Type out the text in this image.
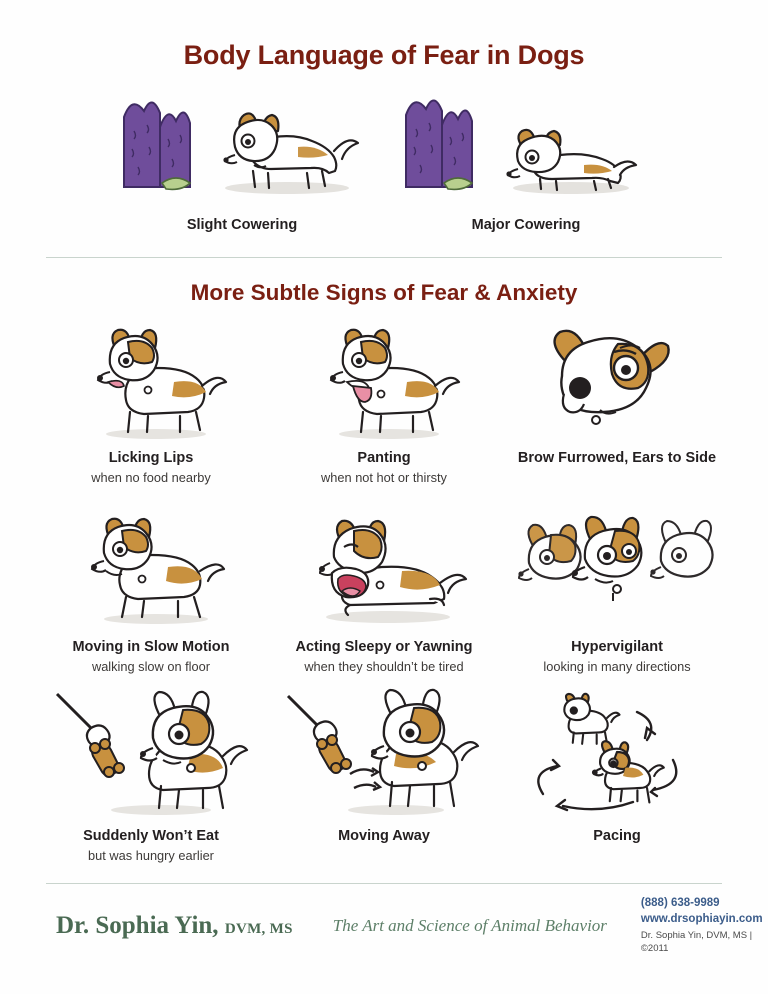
Body Language of Fear in Dogs
Slight Cowering	Major Cowering
More Subtle Signs of Fear & Anxiety
Licking Lips
when no food nearby
Panting
when not hot or thirsty
Brow Furrowed, Ears to Side
Moving in Slow Motion
walking slow on floor
Acting Sleepy or Yawning
when they shouldn’t be tired
Hypervigilant
looking in many directions
Suddenly Won’t Eat
but was hungry earlier
Moving Away	Pacing
Dr. Sophia Yin, DVM, MS The Art and Science of Animal Behavior
(888) 638-9989
www.drsophiayin.com
Dr. Sophia Yin, DVM, MS | ©2011
